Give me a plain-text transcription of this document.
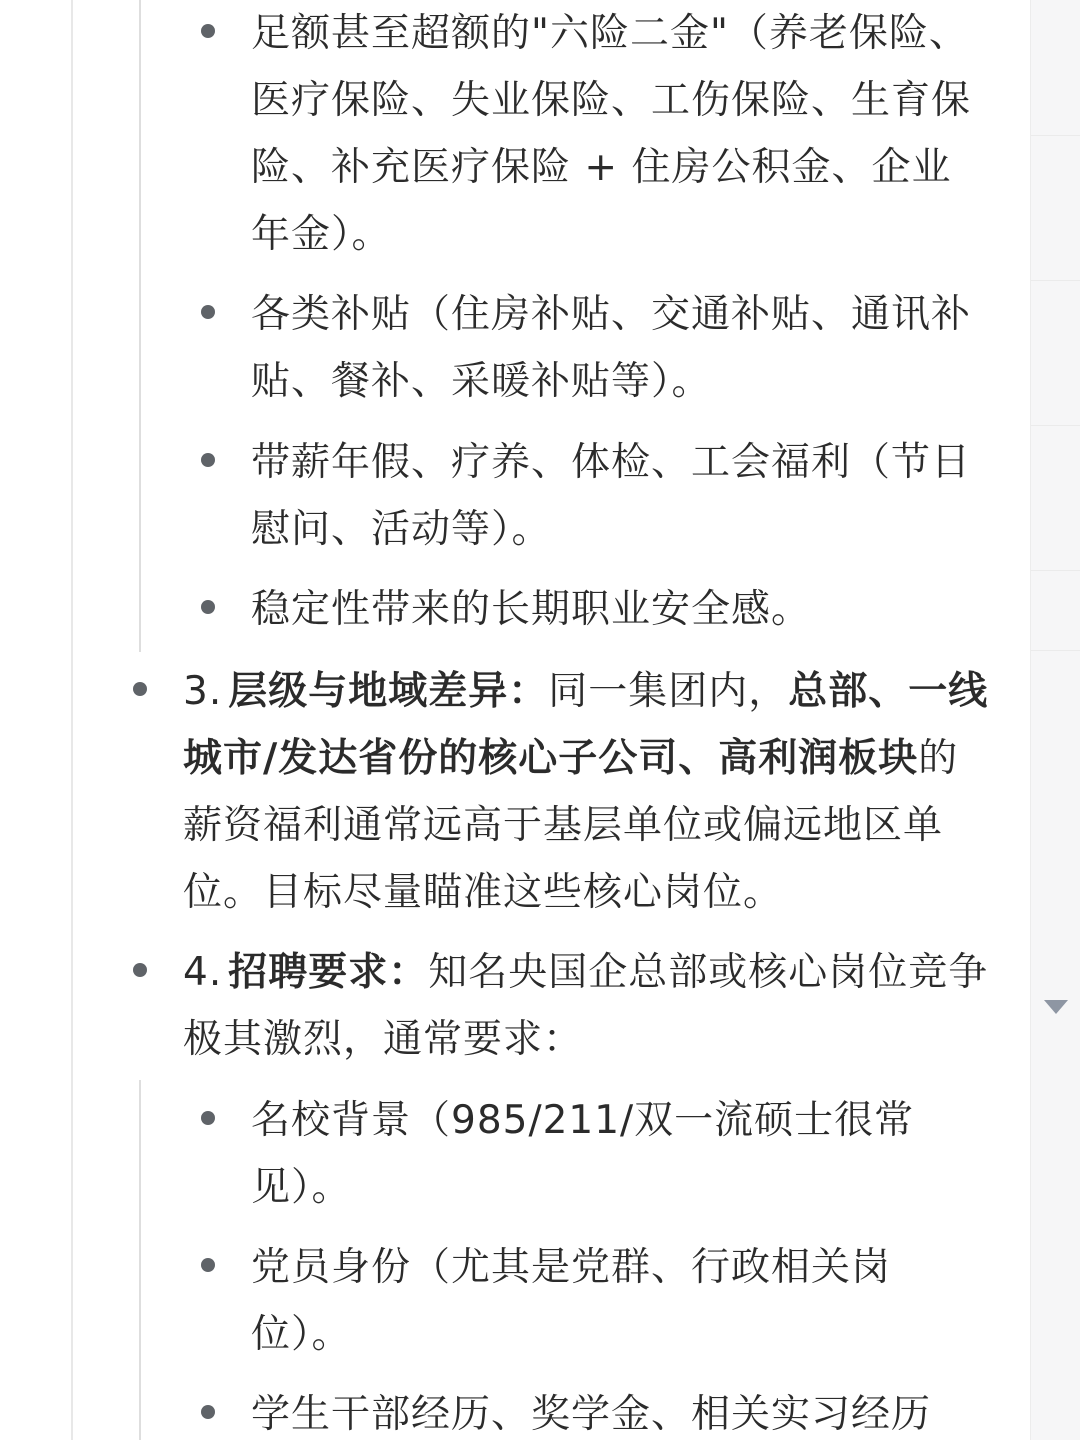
足额甚至超额的"六险二金"（养老保险、医疗保险、失业保险、工伤保险、生育保险、补充医疗保险 + 住房公积金、企业年金）。
各类补贴（住房补贴、交通补贴、通讯补贴、餐补、采暖补贴等）。
带薪年假、疗养、体检、工会福利（节日慰问、活动等）。
稳定性带来的长期职业安全感。
3. 层级与地域差异：同一集团内，总部、一线城市/发达省份的核心子公司、高利润板块的薪资福利通常远高于基层单位或偏远地区单位。目标尽量瞄准这些核心岗位。
4. 招聘要求：知名央国企总部或核心岗位竞争极其激烈，通常要求：
名校背景（985/211/双一流硕士很常见）。
党员身份（尤其是党群、行政相关岗位）。
学生干部经历、奖学金、相关实习经历
